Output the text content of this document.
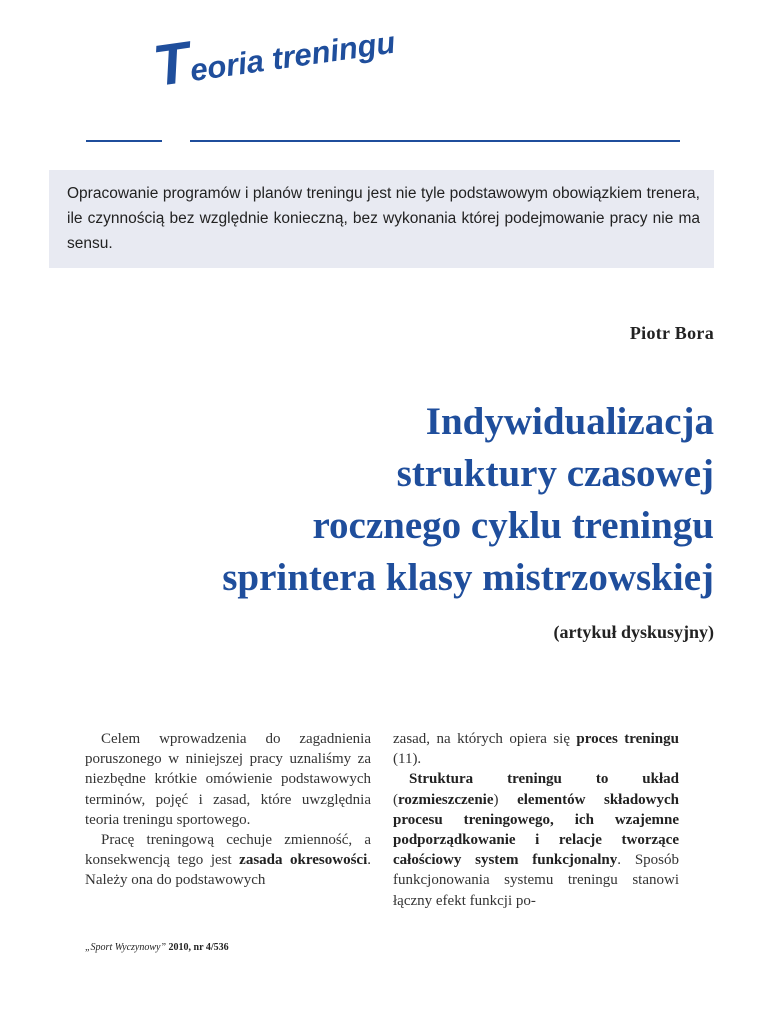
Teoria treningu
Opracowanie programów i planów treningu jest nie tyle podstawowym obowiązkiem trenera, ile czynnością bez względnie konieczną, bez wykonania której podejmowanie pracy nie ma sensu.
Piotr Bora
Indywidualizacja
struktury czasowej
rocznego cyklu treningu
sprintera klasy mistrzowskiej
(artykuł dyskusyjny)

Celem wprowadzenia do zagadnienia poruszonego w niniejszej pracy uznaliśmy za niezbędne krótkie omówienie podstawowych terminów, pojęć i zasad, które uwzględnia teoria treningu sportowego.

Pracę treningową cechuje zmienność, a konsekwencją tego jest zasada okresowości. Należy ona do podstawowych

zasad, na których opiera się proces treningu (11).

Struktura treningu to układ (rozmieszczenie) elementów składowych procesu treningowego, ich wzajemne podporządkowanie i relacje tworzące całościowy system funkcjonalny. Sposób funkcjonowania systemu treningu stanowi łączny efekt funkcji po-

„Sport Wyczynowy” 2010, nr 4/536
